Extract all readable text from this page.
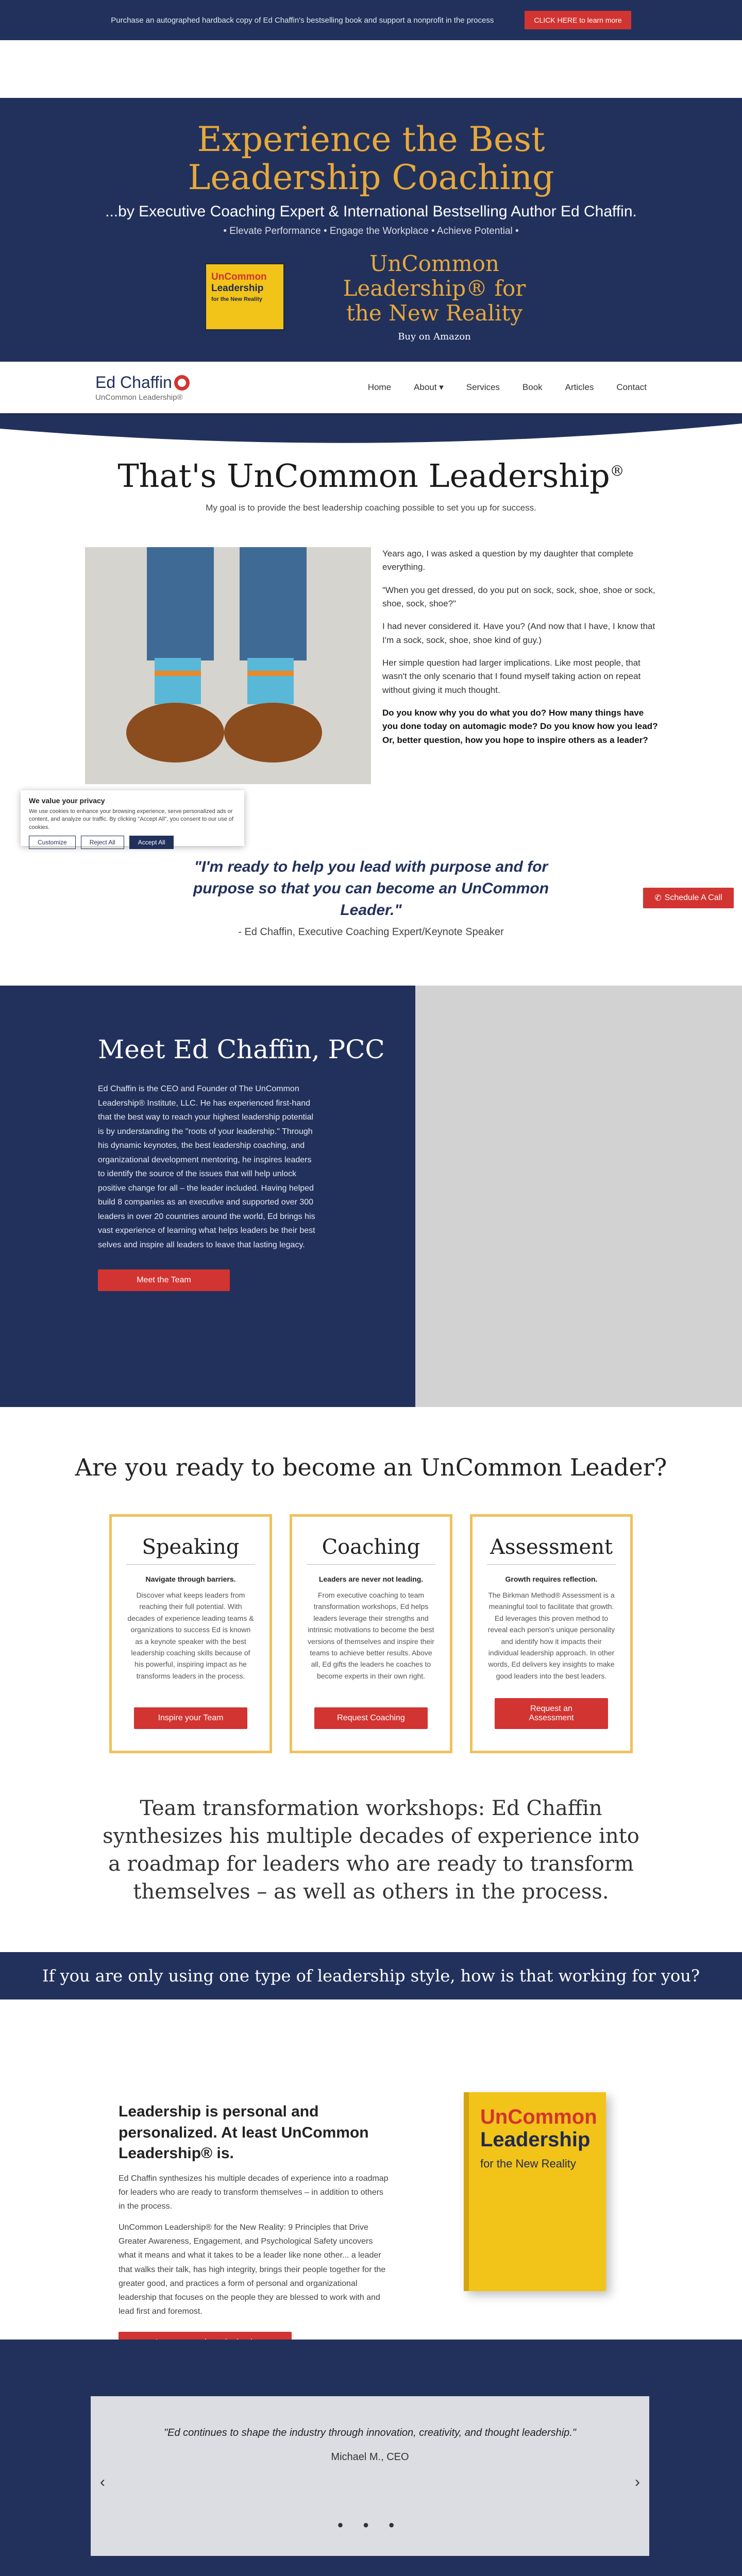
Purchase an autographed hardback copy of Ed Chaffin's bestselling book and support a nonprofit in the process	CLICK HERE to learn more
Experience the Best Leadership Coaching
...by Executive Coaching Expert & International Bestselling Author Ed Chaffin.
• Elevate Performance • Engage the Workplace • Achieve Potential •
UnCommon
Leadership
for the New Reality
UnCommon Leadership® for the New Reality
Buy on Amazon
Ed Chaffin
UnCommon Leadership®
Home	About ▾	Services	Book	Articles	Contact
That's UnCommon Leadership®

My goal is to provide the best leadership coaching possible to set you up for success.

Years ago, I was asked a question by my daughter that complete everything.

"When you get dressed, do you put on sock, sock, shoe, shoe or sock, shoe, sock, shoe?"

I had never considered it. Have you? (And now that I have, I know that I'm a sock, sock, shoe, shoe kind of guy.)

Her simple question had larger implications. Like most people, that wasn't the only scenario that I found myself taking action on repeat without giving it much thought.

Do you know why you do what you do? How many things have you done today on automagic mode? Do you know how you lead? Or, better question, how you hope to inspire others as a leader?

"I'm ready to help you lead with purpose and for purpose so that you can become an UnCommon Leader."
- Ed Chaffin, Executive Coaching Expert/Keynote Speaker
We value your privacy

We use cookies to enhance your browsing experience, serve personalized ads or content, and analyze our traffic. By clicking "Accept All", you consent to our use of cookies.

Customize	Reject All	Accept All
✆ Schedule A Call
Meet Ed Chaffin, PCC

Ed Chaffin is the CEO and Founder of The UnCommon Leadership® Institute, LLC. He has experienced first-hand that the best way to reach your highest leadership potential is by understanding the "roots of your leadership." Through his dynamic keynotes, the best leadership coaching, and organizational development mentoring, he inspires leaders to identify the source of the issues that will help unlock positive change for all – the leader included. Having helped build 8 companies as an executive and supported over 300 leaders in over 20 countries around the world, Ed brings his vast experience of learning what helps leaders be their best selves and inspire all leaders to leave that lasting legacy.

Meet the Team
Are you ready to become an UnCommon Leader?
Speaking
Navigate through barriers.
Discover what keeps leaders from reaching their full potential. With decades of experience leading teams & organizations to success Ed is known as a keynote speaker with the best leadership coaching skills because of his powerful, inspiring impact as he transforms leaders in the process.
Inspire your Team
Coaching
Leaders are never not leading.
From executive coaching to team transformation workshops, Ed helps leaders leverage their strengths and intrinsic motivations to become the best versions of themselves and inspire their teams to achieve better results. Above all, Ed gifts the leaders he coaches to become experts in their own right.
Request Coaching
Assessment
Growth requires reflection.
The Birkman Method® Assessment is a meaningful tool to facilitate that growth. Ed leverages this proven method to reveal each person's unique personality and identify how it impacts their individual leadership approach. In other words, Ed delivers key insights to make good leaders into the best leaders.
Request an Assessment
Team transformation workshops: Ed Chaffin synthesizes his multiple decades of experience into a roadmap for leaders who are ready to transform themselves – as well as others in the process.
If you are only using one type of leadership style, how is that working for you?
Leadership is personal and personalized. At least UnCommon Leadership® is.

Ed Chaffin synthesizes his multiple decades of experience into a roadmap for leaders who are ready to transform themselves – in addition to others in the process.

UnCommon Leadership® for the New Reality: 9 Principles that Drive Greater Awareness, Engagement, and Psychological Safety uncovers what it means and what it takes to be a leader like none other... a leader that walks their talk, has high integrity, brings their people together for the greater good, and practices a form of personal and organizational leadership that focuses on the people they are blessed to work with and lead first and foremost.

UnCommon
Leadership
for the New Reality
‹
"Ed continues to shape the industry through innovation, creativity, and thought leadership."
Michael M., CEO
›
● ● ●
